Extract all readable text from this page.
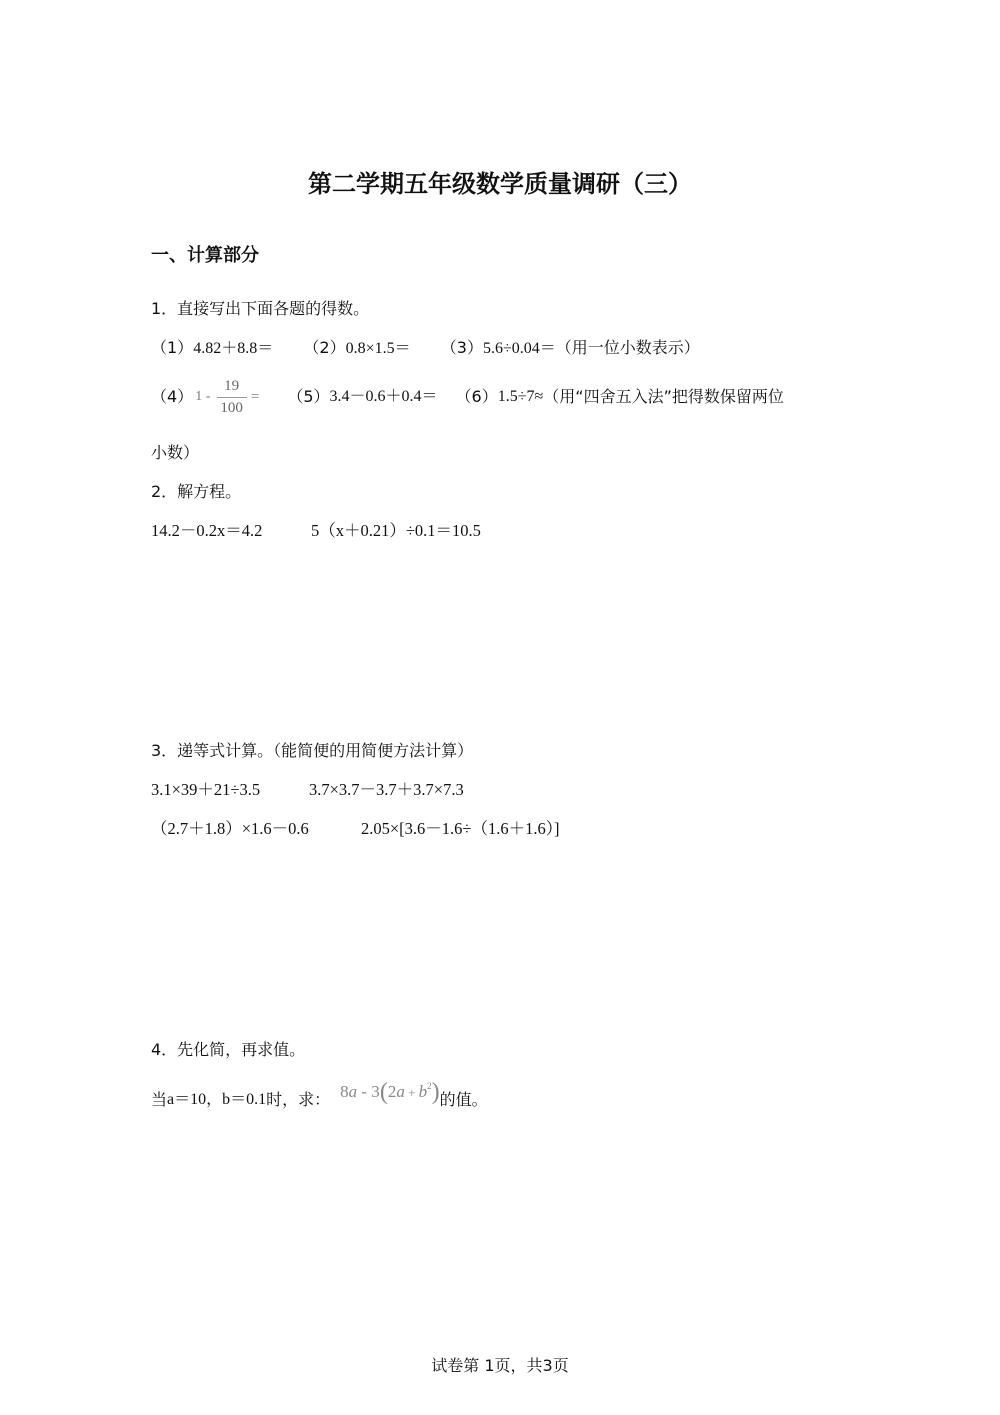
第二学期五年级数学质量调研（三）
一、计算部分
1．直接写出下面各题的得数。
（1）4.82＋8.8＝ （2）0.8×1.5＝ （3）5.6÷0.04＝（用一位小数表示）
（4） $1 - \frac{19}{100} = (5)$ 3.4－0.6＋0.4＝ （6） 1.5÷7≈ （用“四舍五入法”把得数保留两位
小数）
2．解方程。
14.2－0.2x＝4.2	5（x＋0.21）÷0.1＝10.5
3．递等式计算。（能简便的用简便方法计算）
3.1×39＋21÷3.5	3.7×3.7－3.7＋3.7×7.3
（2.7＋1.8）×1.6－0.6	2.05×[3.6－1.6÷（1.6＋1.6）]
4．先化简，再求值。
当 a＝10，b＝0.1 时，求： $8a - 3(2a + b^2)$ 的值。
试卷第 1页，共3页
